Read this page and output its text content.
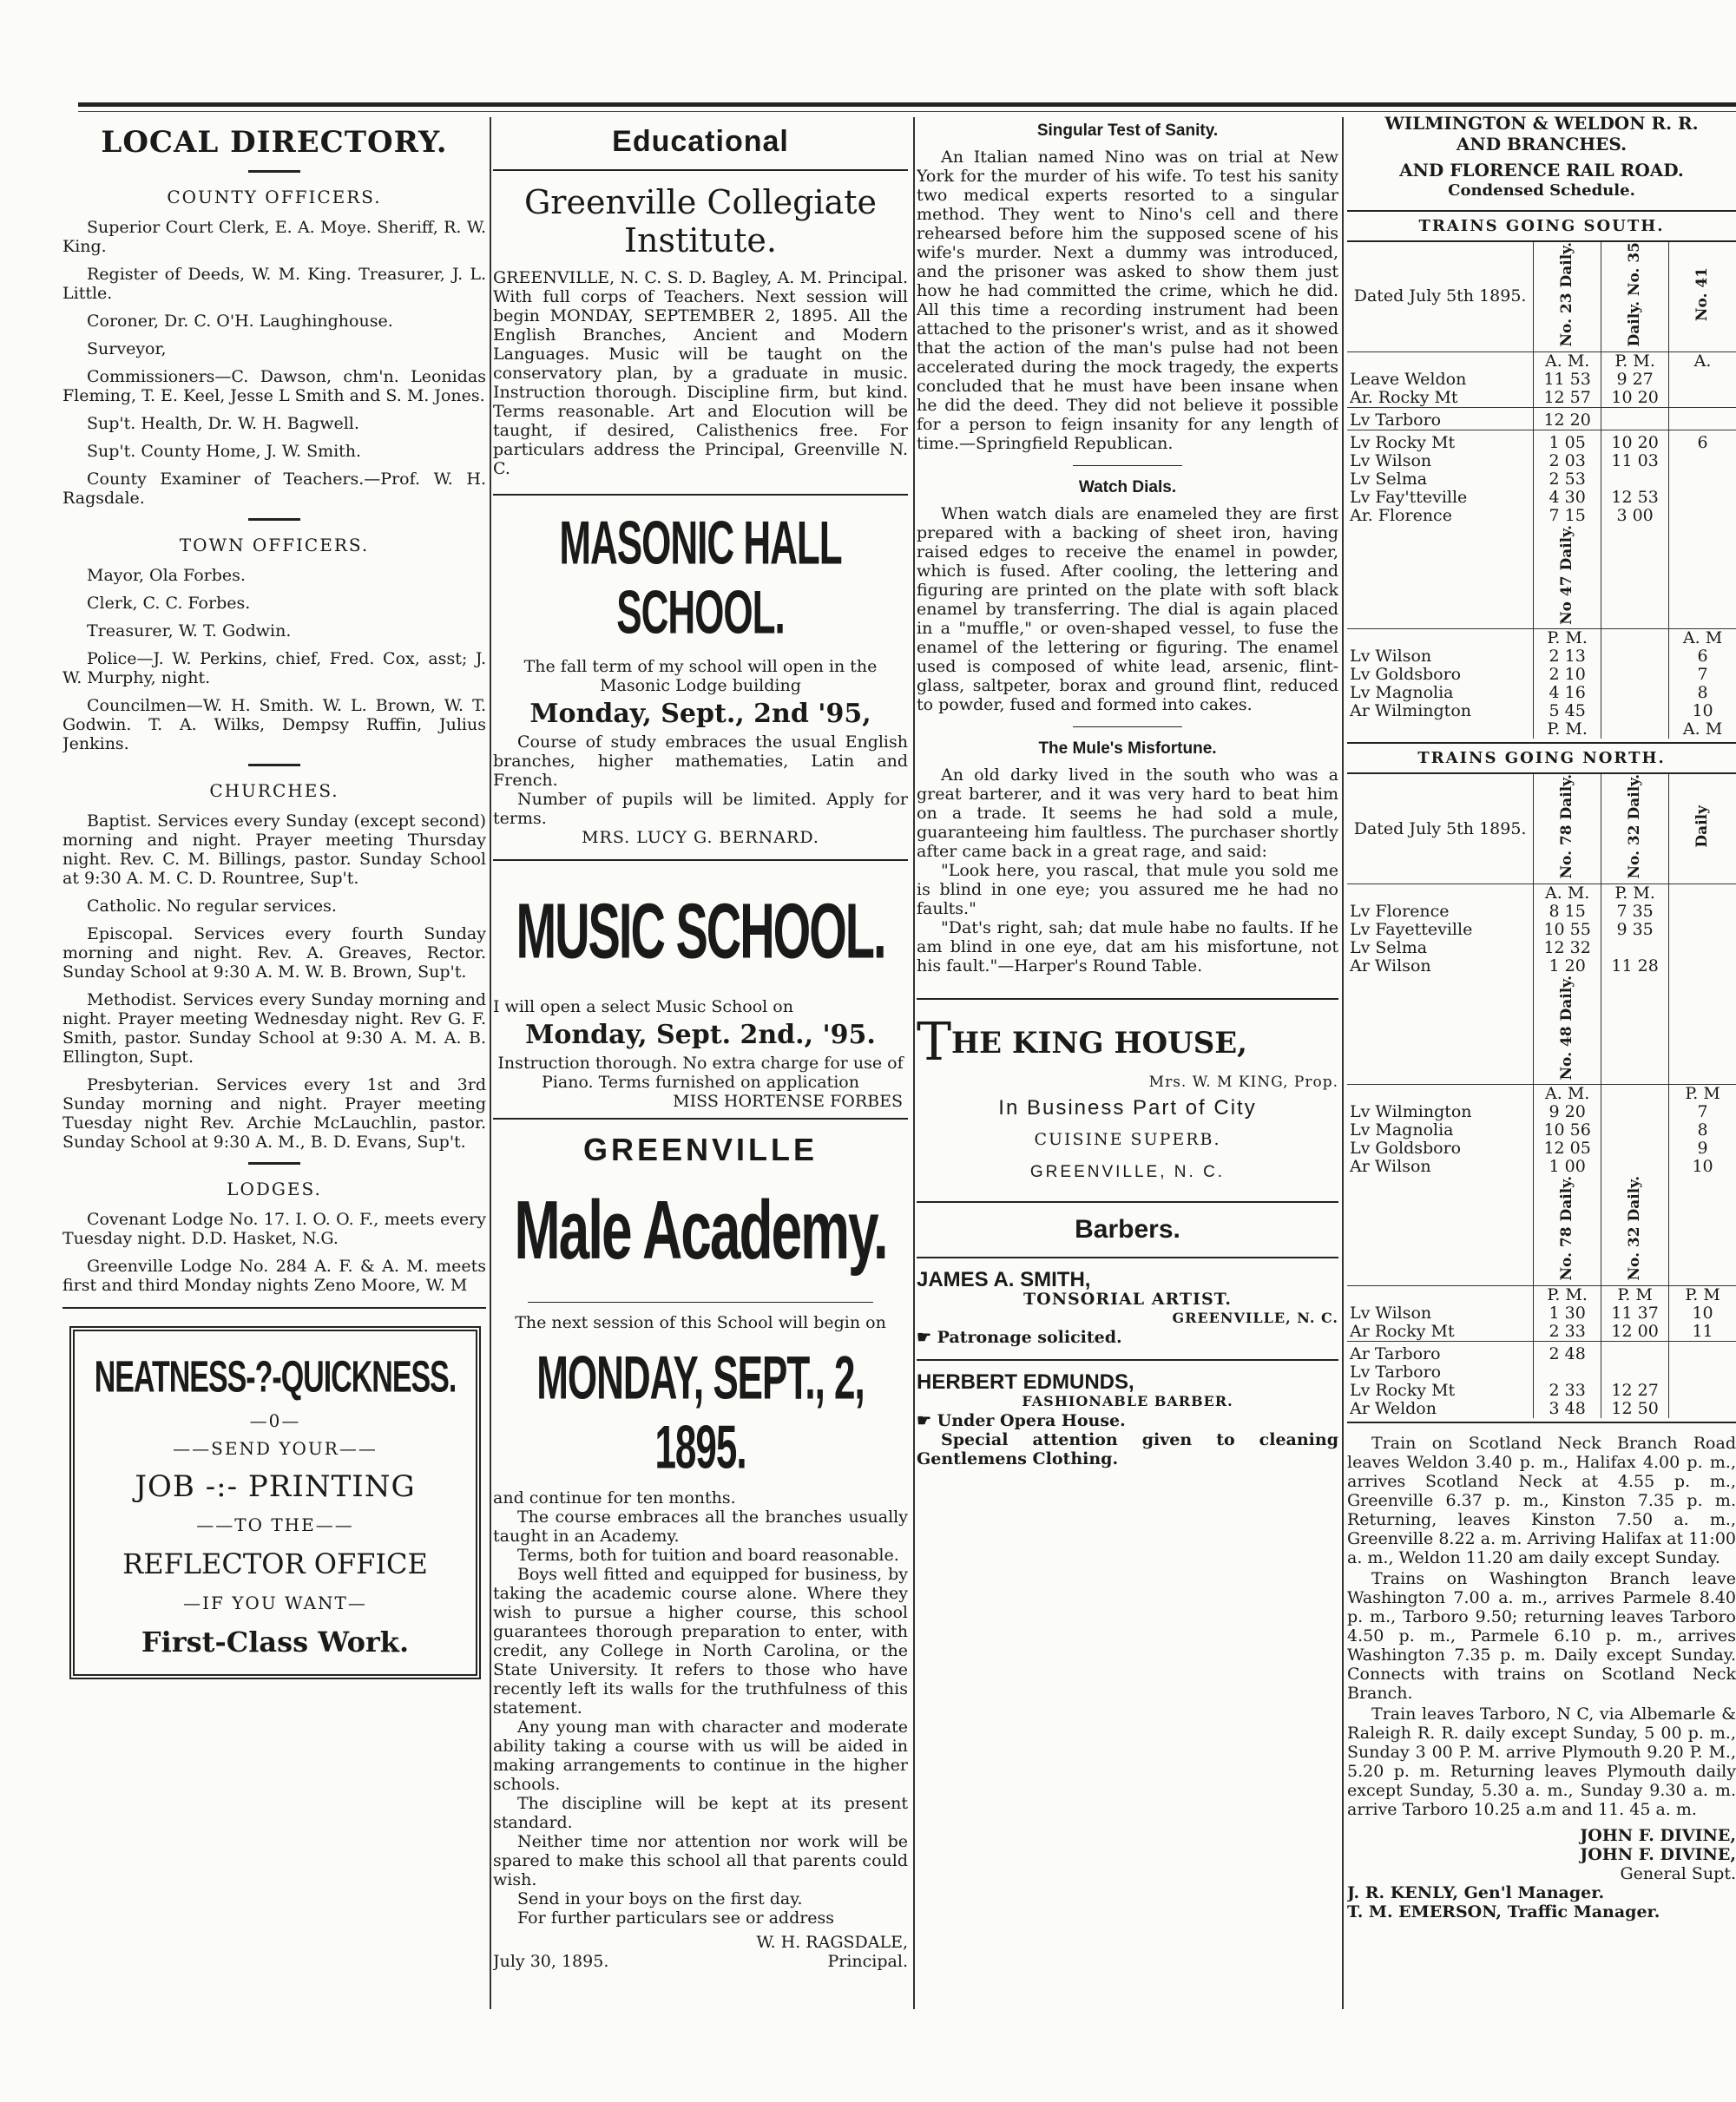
LOCAL DIRECTORY.
COUNTY OFFICERS.

Superior Court Clerk, E. A. Moye. Sheriff, R. W. King.

Register of Deeds, W. M. King. Treasurer, J. L. Little.

Coroner, Dr. C. O'H. Laughinghouse.

Surveyor,

Commissioners—C. Dawson, chm'n. Leonidas Fleming, T. E. Keel, Jesse L Smith and S. M. Jones.

Sup't. Health, Dr. W. H. Bagwell.

Sup't. County Home, J. W. Smith.

County Examiner of Teachers.—Prof. W. H. Ragsdale.

TOWN OFFICERS.

Mayor, Ola Forbes.

Clerk, C. C. Forbes.

Treasurer, W. T. Godwin.

Police—J. W. Perkins, chief, Fred. Cox, asst; J. W. Murphy, night.

Councilmen—W. H. Smith. W. L. Brown, W. T. Godwin. T. A. Wilks, Dempsy Ruffin, Julius Jenkins.

CHURCHES.

Baptist. Services every Sunday (except second) morning and night. Prayer meeting Thursday night. Rev. C. M. Billings, pastor. Sunday School at 9:30 A. M. C. D. Rountree, Sup't.

Catholic. No regular services.

Episcopal. Services every fourth Sunday morning and night. Rev. A. Greaves, Rector. Sunday School at 9:30 A. M. W. B. Brown, Sup't.

Methodist. Services every Sunday morning and night. Prayer meeting Wednesday night. Rev G. F. Smith, pastor. Sunday School at 9:30 A. M. A. B. Ellington, Supt.

Presbyterian. Services every 1st and 3rd Sunday morning and night. Prayer meeting Tuesday night Rev. Archie McLauchlin, pastor. Sunday School at 9:30 A. M., B. D. Evans, Sup't.

LODGES.

Covenant Lodge No. 17. I. O. O. F., meets every Tuesday night. D.D. Hasket, N.G.

Greenville Lodge No. 284 A. F. & A. M. meets first and third Monday nights Zeno Moore, W. M

NEATNESS-?-QUICKNESS.
—0—
——SEND YOUR——
JOB -:- PRINTING
——TO THE——
REFLECTOR OFFICE
—IF YOU WANT—
First-Class Work.
Educational
Greenville Collegiate Institute.

GREENVILLE, N. C. S. D. Bagley, A. M. Principal. With full corps of Teachers. Next session will begin MONDAY, SEPTEMBER 2, 1895. All the English Branches, Ancient and Modern Languages. Music will be taught on the conservatory plan, by a graduate in music. Instruction thorough. Discipline firm, but kind. Terms reasonable. Art and Elocution will be taught, if desired, Calisthenics free. For particulars address the Principal, Greenville N. C.

MASONIC HALL SCHOOL.

The fall term of my school will open in the Masonic Lodge building

Monday, Sept., 2nd '95,

Course of study embraces the usual English branches, higher mathematies, Latin and French.

Number of pupils will be limited. Apply for terms.

MRS. LUCY G. BERNARD.

MUSIC SCHOOL.

I will open a select Music School on

Monday, Sept. 2nd., '95.

Instruction thorough. No extra charge for use of Piano. Terms furnished on application

MISS HORTENSE FORBES

GREENVILLE
Male Academy.

The next session of this School will begin on

MONDAY, SEPT., 2, 1895.

and continue for ten months.

The course embraces all the branches usually taught in an Academy.

Terms, both for tuition and board reasonable.

Boys well fitted and equipped for business, by taking the academic course alone. Where they wish to pursue a higher course, this school guarantees thorough preparation to enter, with credit, any College in North Carolina, or the State University. It refers to those who have recently left its walls for the truthfulness of this statement.

Any young man with character and moderate ability taking a course with us will be aided in making arrangements to continue in the higher schools.

The discipline will be kept at its present standard.

Neither time nor attention nor work will be spared to make this school all that parents could wish.

Send in your boys on the first day.

For further particulars see or address

W. H. RAGSDALE,

July 30, 1895.	Principal.

Singular Test of Sanity.

An Italian named Nino was on trial at New York for the murder of his wife. To test his sanity two medical experts resorted to a singular method. They went to Nino's cell and there rehearsed before him the supposed scene of his wife's murder. Next a dummy was introduced, and the prisoner was asked to show them just how he had committed the crime, which he did. All this time a recording instrument had been attached to the prisoner's wrist, and as it showed that the action of the man's pulse had not been accelerated during the mock tragedy, the experts concluded that he must have been insane when he did the deed. They did not believe it possible for a person to feign insanity for any length of time.—Springfield Republican.

Watch Dials.

When watch dials are enameled they are first prepared with a backing of sheet iron, having raised edges to receive the enamel in powder, which is fused. After cooling, the lettering and figuring are printed on the plate with soft black enamel by transferring. The dial is again placed in a "muffle," or oven-shaped vessel, to fuse the enamel of the lettering or figuring. The enamel used is composed of white lead, arsenic, flint-glass, saltpeter, borax and ground flint, reduced to powder, fused and formed into cakes.

The Mule's Misfortune.

An old darky lived in the south who was a great barterer, and it was very hard to beat him on a trade. It seems he had sold a mule, guaranteeing him faultless. The purchaser shortly after came back in a great rage, and said:

"Look here, you rascal, that mule you sold me is blind in one eye; you assured me he had no faults."

"Dat's right, sah; dat mule habe no faults. If he am blind in one eye, dat am his misfortune, not his fault."—Harper's Round Table.

THE KING HOUSE,

Mrs. W. M KING, Prop.

In Business Part of City

CUISINE SUPERB.

GREENVILLE, N. C.

Barbers.

JAMES A. SMITH,

TONSORIAL ARTIST.

GREENVILLE, N. C.

☛ Patronage solicited.

HERBERT EDMUNDS,

FASHIONABLE BARBER.

☛ Under Opera House.

Special attention given to cleaning Gentlemens Clothing.

WILMINGTON & WELDON R. R.
AND BRANCHES.
AND FLORENCE RAIL ROAD.
Condensed Schedule.
TRAINS GOING SOUTH.
Dated July 5th 1895.	No. 23 Daily.	Daily. No. 35	No. 41
	A. M.	P. M.	A.
Leave Weldon	11 53	9 27	
Ar. Rocky Mt	12 57	10 20	

Lv Tarboro	12 20		

Lv Rocky Mt	1 05	10 20	6
Lv Wilson	2 03	11 03	
Lv Selma	2 53		
Lv Fay'tteville	4 30	12 53	
Ar. Florence	7 15	3 00	
	No 47 Daily.		
	P. M.		A. M
Lv Wilson	2 13		6
Lv Goldsboro	2 10		7
Lv Magnolia	4 16		8
Ar Wilmington	5 45		10
	P. M.		A. M
TRAINS GOING NORTH.
Dated July 5th 1895.	No. 78 Daily.	No. 32 Daily.	Daily
	A. M.	P. M.	
Lv Florence	8 15	7 35	
Lv Fayetteville	10 55	9 35	
Lv Selma	12 32		
Ar Wilson	1 20	11 28	
	No. 48 Daily.		
	A. M.		P. M
Lv Wilmington	9 20		7
Lv Magnolia	10 56		8
Lv Goldsboro	12 05		9
Ar Wilson	1 00		10
	No. 78 Daily.	No. 32 Daily.	
	P. M.	P. M	P. M
Lv Wilson	1 30	11 37	10
Ar Rocky Mt	2 33	12 00	11

Ar Tarboro	2 48		
Lv Tarboro			
Lv Rocky Mt	2 33	12 27	
Ar Weldon	3 48	12 50	

Train on Scotland Neck Branch Road leaves Weldon 3.40 p. m., Halifax 4.00 p. m., arrives Scotland Neck at 4.55 p. m., Greenville 6.37 p. m., Kinston 7.35 p. m. Returning, leaves Kinston 7.50 a. m., Greenville 8.22 a. m. Arriving Halifax at 11:00 a. m., Weldon 11.20 am daily except Sunday.

Trains on Washington Branch leave Washington 7.00 a. m., arrives Parmele 8.40 p. m., Tarboro 9.50; returning leaves Tarboro 4.50 p. m., Parmele 6.10 p. m., arrives Washington 7.35 p. m. Daily except Sunday. Connects with trains on Scotland Neck Branch.

Train leaves Tarboro, N C, via Albemarle & Raleigh R. R. daily except Sunday, 5 00 p. m., Sunday 3 00 P. M. arrive Plymouth 9.20 P. M., 5.20 p. m. Returning leaves Plymouth daily except Sunday, 5.30 a. m., Sunday 9.30 a. m. arrive Tarboro 10.25 a.m and 11. 45 a. m.

JOHN F. DIVINE,

JOHN F. DIVINE,

General Supt.

J. R. KENLY, Gen'l Manager.

T. M. EMERSON, Traffic Manager.
